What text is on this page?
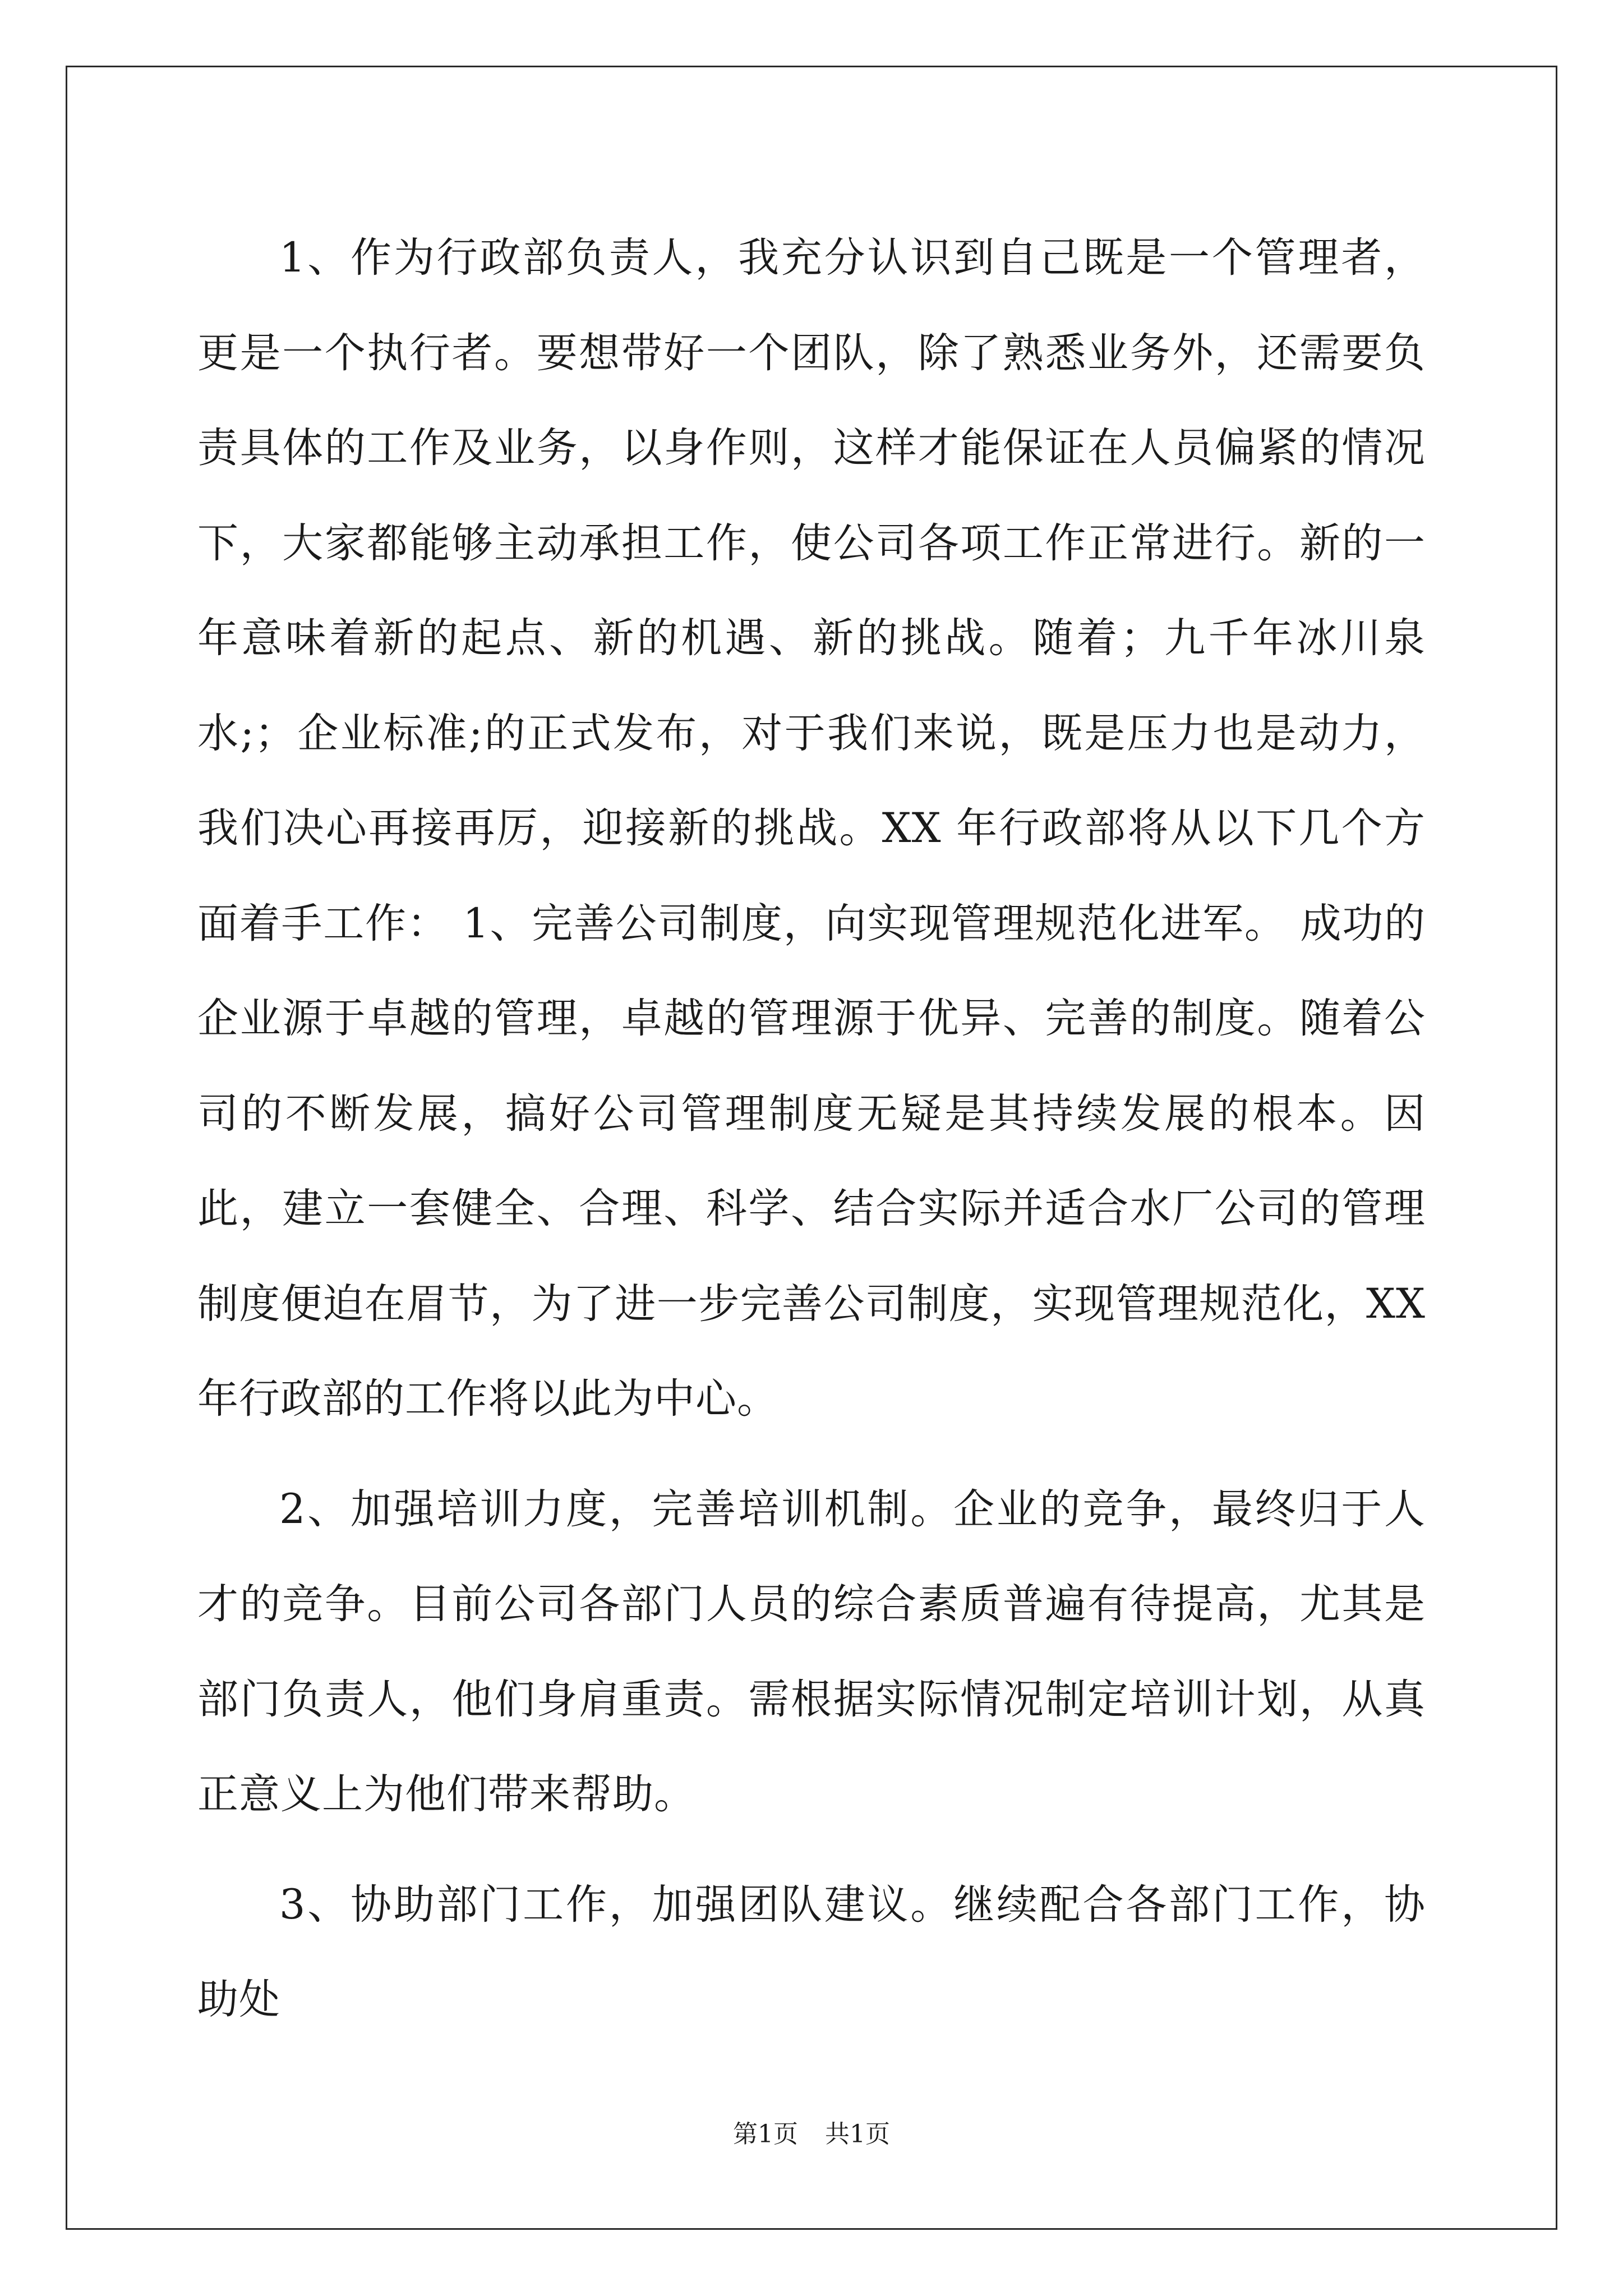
1、作为行政部负责人，我充分认识到自己既是一个管理者，更是一个执行者。要想带好一个团队，除了熟悉业务外，还需要负责具体的工作及业务，以身作则，这样才能保证在人员偏紧的情况下，大家都能够主动承担工作，使公司各项工作正常进行。新的一年意味着新的起点、新的机遇、新的挑战。随着；九千年冰川泉水;；企业标准;的正式发布，对于我们来说，既是压力也是动力，我们决心再接再厉，迎接新的挑战。XX 年行政部将从以下几个方面着手工作： 1、完善公司制度，向实现管理规范化进军。 成功的企业源于卓越的管理，卓越的管理源于优异、完善的制度。随着公司的不断发展，搞好公司管理制度无疑是其持续发展的根本。因此，建立一套健全、合理、科学、结合实际并适合水厂公司的管理制度便迫在眉节，为了进一步完善公司制度，实现管理规范化，XX 年行政部的工作将以此为中心。

2、加强培训力度，完善培训机制。企业的竞争，最终归于人才的竞争。目前公司各部门人员的综合素质普遍有待提高，尤其是部门负责人，他们身肩重责。需根据实际情况制定培训计划，从真正意义上为他们带来帮助。

3、协助部门工作，加强团队建议。继续配合各部门工作，协助处

第1页 共1页
